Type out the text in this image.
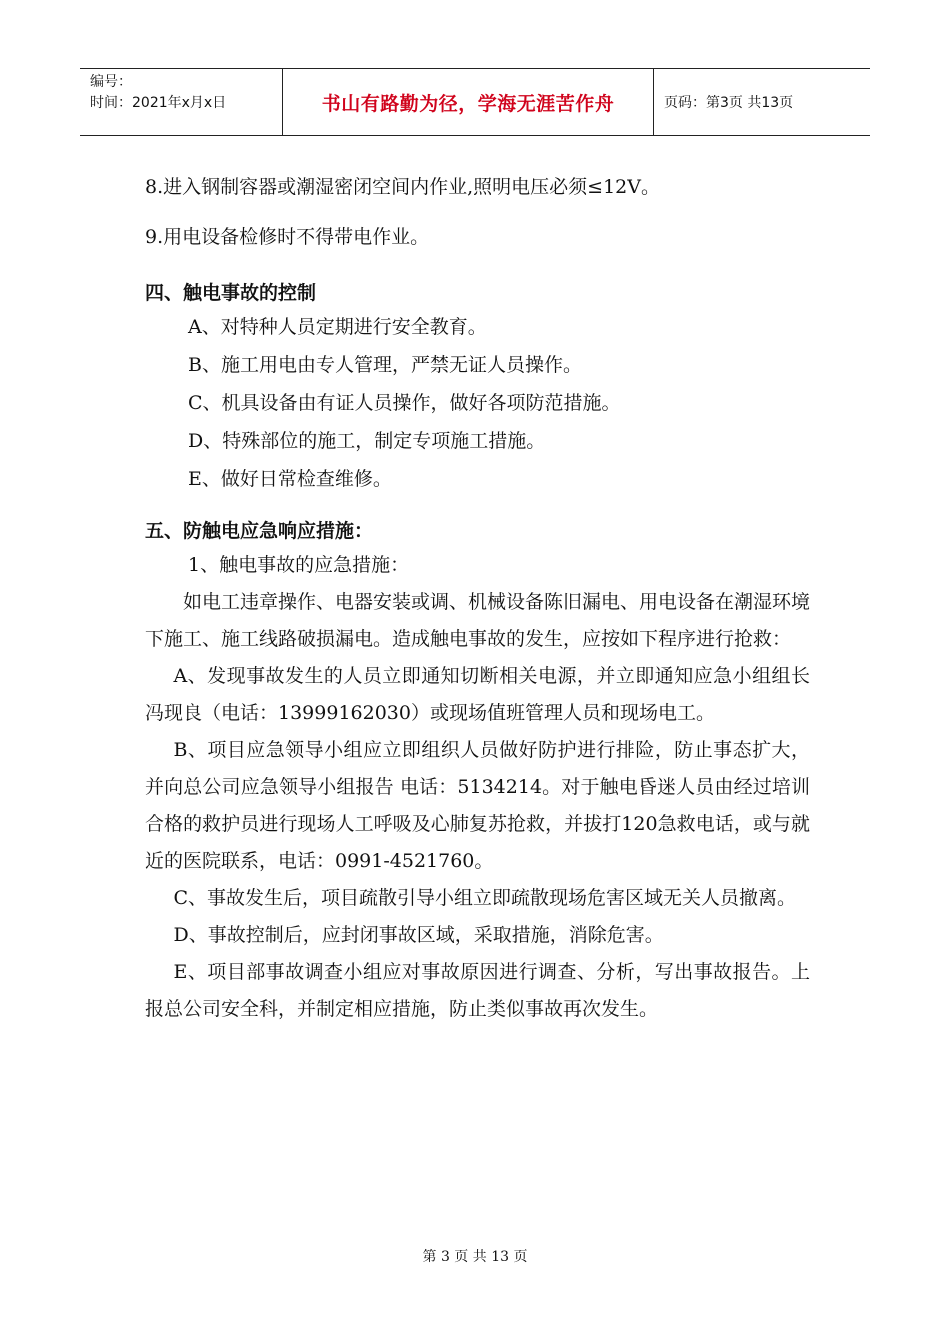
编号：
时间：2021年x月x日	书山有路勤为径，学海无涯苦作舟	页码：第3页 共13页

8.进入钢制容器或潮湿密闭空间内作业,照明电压必须≤12V。

9.用电设备检修时不得带电作业。

四、触电事故的控制

A、对特种人员定期进行安全教育。

B、施工用电由专人管理，严禁无证人员操作。

C、机具设备由有证人员操作，做好各项防范措施。

D、特殊部位的施工，制定专项施工措施。

E、做好日常检查维修。

五、防触电应急响应措施：

1、触电事故的应急措施：

如电工违章操作、电器安装或调、机械设备陈旧漏电、用电设备在潮湿环境下施工、施工线路破损漏电。造成触电事故的发生，应按如下程序进行抢救：

A、发现事故发生的人员立即通知切断相关电源，并立即通知应急小组组长冯现良（电话：13999162030）或现场值班管理人员和现场电工。

B、项目应急领导小组应立即组织人员做好防护进行排险，防止事态扩大，并向总公司应急领导小组报告 电话：5134214。对于触电昏迷人员由经过培训合格的救护员进行现场人工呼吸及心肺复苏抢救，并拔打120急救电话，或与就近的医院联系，电话：0991-4521760。

C、事故发生后，项目疏散引导小组立即疏散现场危害区域无关人员撤离。

D、事故控制后，应封闭事故区域，采取措施，消除危害。

E、项目部事故调查小组应对事故原因进行调查、分析，写出事故报告。上报总公司安全科，并制定相应措施，防止类似事故再次发生。

第 3 页 共 13 页
